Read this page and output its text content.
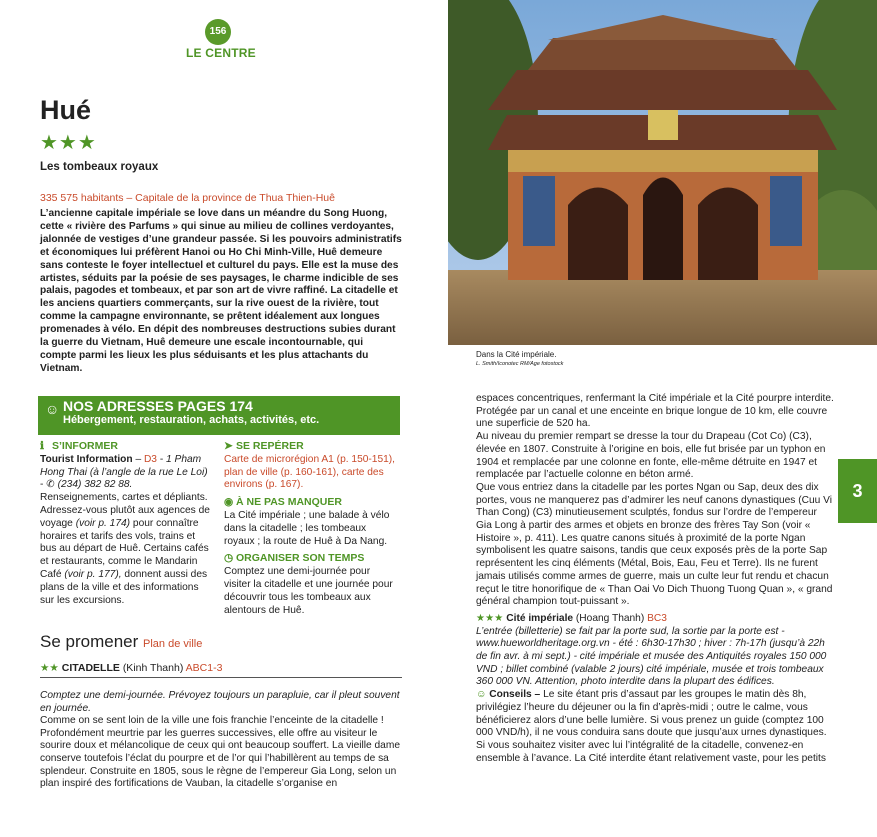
156
LE CENTRE
Hué
★★★
Les tombeaux royaux
335 575 habitants – Capitale de la province de Thua Thien-Huê
L’ancienne capitale impériale se love dans un méandre du Song Huong, cette « rivière des Parfums » qui sinue au milieu de collines verdoyantes, jalonnée de vestiges d’une grandeur passée. Si les pouvoirs administratifs et économiques lui préfèrent Hanoi ou Ho Chi Minh-Ville, Huê demeure sans conteste le foyer intellectuel et culturel du pays. Elle est la muse des artistes, séduits par la poésie de ses paysages, le charme indicible de ses palais, pagodes et tombeaux, et par son art de vivre raffiné. La citadelle et les anciens quartiers commerçants, sur la rive ouest de la rivière, tout comme la campagne environnante, se prêtent idéalement aux longues promenades à vélo. En dépit des nombreuses destructions subies durant la guerre du Vietnam, Huê demeure une escale incontournable, qui compte parmi les lieux les plus séduisants et les plus attachants du Vietnam.
☺ NOS ADRESSES PAGES 174
Hébergement, restauration, achats, activités, etc.
ℹ S’INFORMER
Tourist Information – D3 - 1 Pham Hong Thai (à l’angle de la rue Le Loi) - ✆ (234) 382 82 88. Renseignements, cartes et dépliants. Adressez-vous plutôt aux agences de voyage (voir p. 174) pour connaître horaires et tarifs des vols, trains et bus au départ de Huê. Certains cafés et restaurants, comme le Mandarin Café (voir p. 177), donnent aussi des plans de la ville et des informations sur les excursions.
➤ SE REPÉRER
Carte de microrégion A1 (p. 150-151), plan de ville (p. 160-161), carte des environs (p. 167).
◉ À NE PAS MANQUER
La Cité impériale ; une balade à vélo dans la citadelle ; les tombeaux royaux ; la route de Huê à Da Nang.
◷ ORGANISER SON TEMPS
Comptez une demi-journée pour visiter la citadelle et une journée pour découvrir tous les tombeaux aux alentours de Huê.
Se promener Plan de ville
★★ CITADELLE (Kinh Thanh) ABC1-3
Comptez une demi-journée. Prévoyez toujours un parapluie, car il pleut souvent en journée.
Comme on se sent loin de la ville une fois franchie l’enceinte de la citadelle ! Profondément meurtrie par les guerres successives, elle offre au visiteur le sourire doux et mélancolique de ceux qui ont beaucoup souffert. La vieille dame conserve toutefois l’éclat du pourpre et de l’or qui l’habillèrent au temps de sa splendeur. Construite en 1805, sous le règne de l’empereur Gia Long, selon un plan inspiré des fortifications de Vauban, la citadelle s’organise en
Dans la Cité impériale.
L. Smith/Iconotec RM/Age fotostock

espaces concentriques, renfermant la Cité impériale et la Cité pourpre interdite. Protégée par un canal et une enceinte en brique longue de 10 km, elle couvre une superficie de 520 ha.

Au niveau du premier rempart se dresse la tour du Drapeau (Cot Co) (C3), élevée en 1807. Construite à l’origine en bois, elle fut brisée par un typhon en 1904 et remplacée par une colonne en fonte, elle-même détruite en 1947 et remplacée par l’actuelle colonne en béton armé.

Que vous entriez dans la citadelle par les portes Ngan ou Sap, deux des dix portes, vous ne manquerez pas d’admirer les neuf canons dynastiques (Cuu Vi Than Cong) (C3) minutieusement sculptés, fondus sur l’ordre de l’empereur Gia Long à partir des armes et objets en bronze des frères Tay Son (voir « Histoire », p. 411). Les quatre canons situés à proximité de la porte Ngan symbolisent les quatre saisons, tandis que ceux exposés près de la porte Sap représentent les cinq éléments (Métal, Bois, Eau, Feu et Terre). Ils ne furent jamais utilisés comme armes de guerre, mais un culte leur fut rendu et chacun reçut le titre honorifique de « Than Oai Vo Dich Thuong Tuong Quan », « grand général champion tout-puissant ».

★★★ Cité impériale (Hoang Thanh) BC3

L’entrée (billetterie) se fait par la porte sud, la sortie par la porte est - www.hueworldheritage.org.vn - été : 6h30-17h30 ; hiver : 7h-17h (jusqu’à 22h de fin avr. à mi sept.) - cité impériale et musée des Antiquités royales 150 000 VND ; billet combiné (valable 2 jours) cité impériale, musée et trois tombeaux 360 000 VN. Attention, photo interdite dans la plupart des édifices.

☺ Conseils – Le site étant pris d’assaut par les groupes le matin dès 8h, privilégiez l’heure du déjeuner ou la fin d’après-midi ; outre le calme, vous bénéficierez alors d’une belle lumière. Si vous prenez un guide (comptez 100 000 VND/h), il ne vous conduira sans doute que jusqu’aux urnes dynastiques. Si vous souhaitez visiter avec lui l’intégralité de la citadelle, convenez-en ensemble à l’avance. La Cité interdite étant relativement vaste, pour les petits

3
